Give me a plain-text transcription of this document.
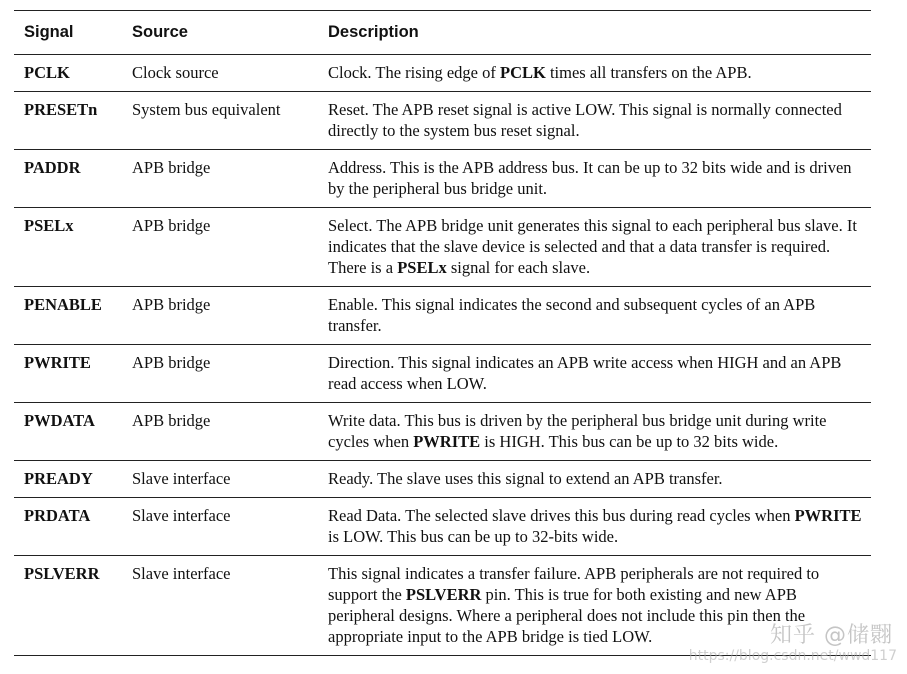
Signal	Source	Description
PCLK	Clock source	Clock. The rising edge of PCLK times all transfers on the APB.
PRESETn	System bus equivalent	Reset. The APB reset signal is active LOW. This signal is normally connected directly to the system bus reset signal.
PADDR	APB bridge	Address. This is the APB address bus. It can be up to 32 bits wide and is driven by the peripheral bus bridge unit.
PSELx	APB bridge	Select. The APB bridge unit generates this signal to each peripheral bus slave. It indicates that the slave device is selected and that a data transfer is required. There is a PSELx signal for each slave.
PENABLE	APB bridge	Enable. This signal indicates the second and subsequent cycles of an APB transfer.
PWRITE	APB bridge	Direction. This signal indicates an APB write access when HIGH and an APB read access when LOW.
PWDATA	APB bridge	Write data. This bus is driven by the peripheral bus bridge unit during write cycles when PWRITE is HIGH. This bus can be up to 32 bits wide.
PREADY	Slave interface	Ready. The slave uses this signal to extend an APB transfer.
PRDATA	Slave interface	Read Data. The selected slave drives this bus during read cycles when PWRITE is LOW. This bus can be up to 32-bits wide.
PSLVERR	Slave interface	This signal indicates a transfer failure. APB peripherals are not required to support the PSLVERR pin. This is true for both existing and new APB peripheral designs. Where a peripheral does not include this pin then the appropriate input to the APB bridge is tied LOW.	知乎 @储翾
https://blog.csdn.net/wwd117
